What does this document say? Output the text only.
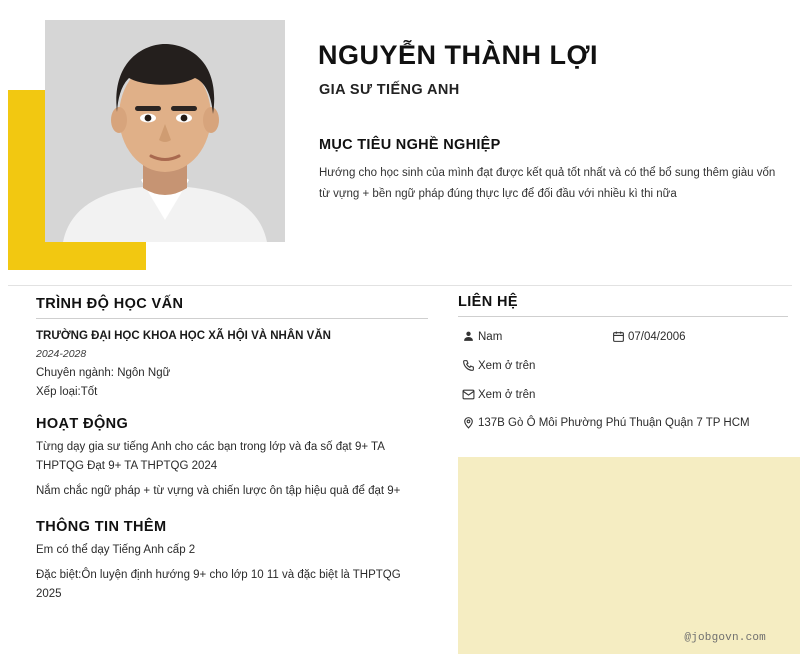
NGUYỄN THÀNH LỢI
GIA SƯ TIẾNG ANH
MỤC TIÊU NGHỀ NGHIỆP
Hướng cho học sinh của mình đạt được kết quả tốt nhất và có thể bổ sung thêm giàu vốn từ vựng + bền ngữ pháp đúng thực lực để đối đầu với nhiều kì thi nữa
TRÌNH ĐỘ HỌC VẤN
TRƯỜNG ĐẠI HỌC KHOA HỌC XÃ HỘI VÀ NHÂN VĂN
2024-2028
Chuyên ngành: Ngôn Ngữ
Xếp loại:Tốt
HOẠT ĐỘNG
Từng dạy gia sư tiếng Anh cho các bạn trong lớp và đa số đạt 9+ TA THPTQG Đạt 9+ TA THPTQG 2024
Nắm chắc ngữ pháp + từ vựng và chiến lược ôn tập hiệu quả để đạt 9+
THÔNG TIN THÊM
Em có thể dạy Tiếng Anh cấp 2
Đặc biệt:Ôn luyện định hướng 9+ cho lớp 10 11 và đặc biệt là THPTQG 2025
LIÊN HỆ
Nam	07/04/2006
Xem ở trên
Xem ở trên
137B Gò Ô Môi Phường Phú Thuận Quận 7 TP HCM
@jobgovn.com
